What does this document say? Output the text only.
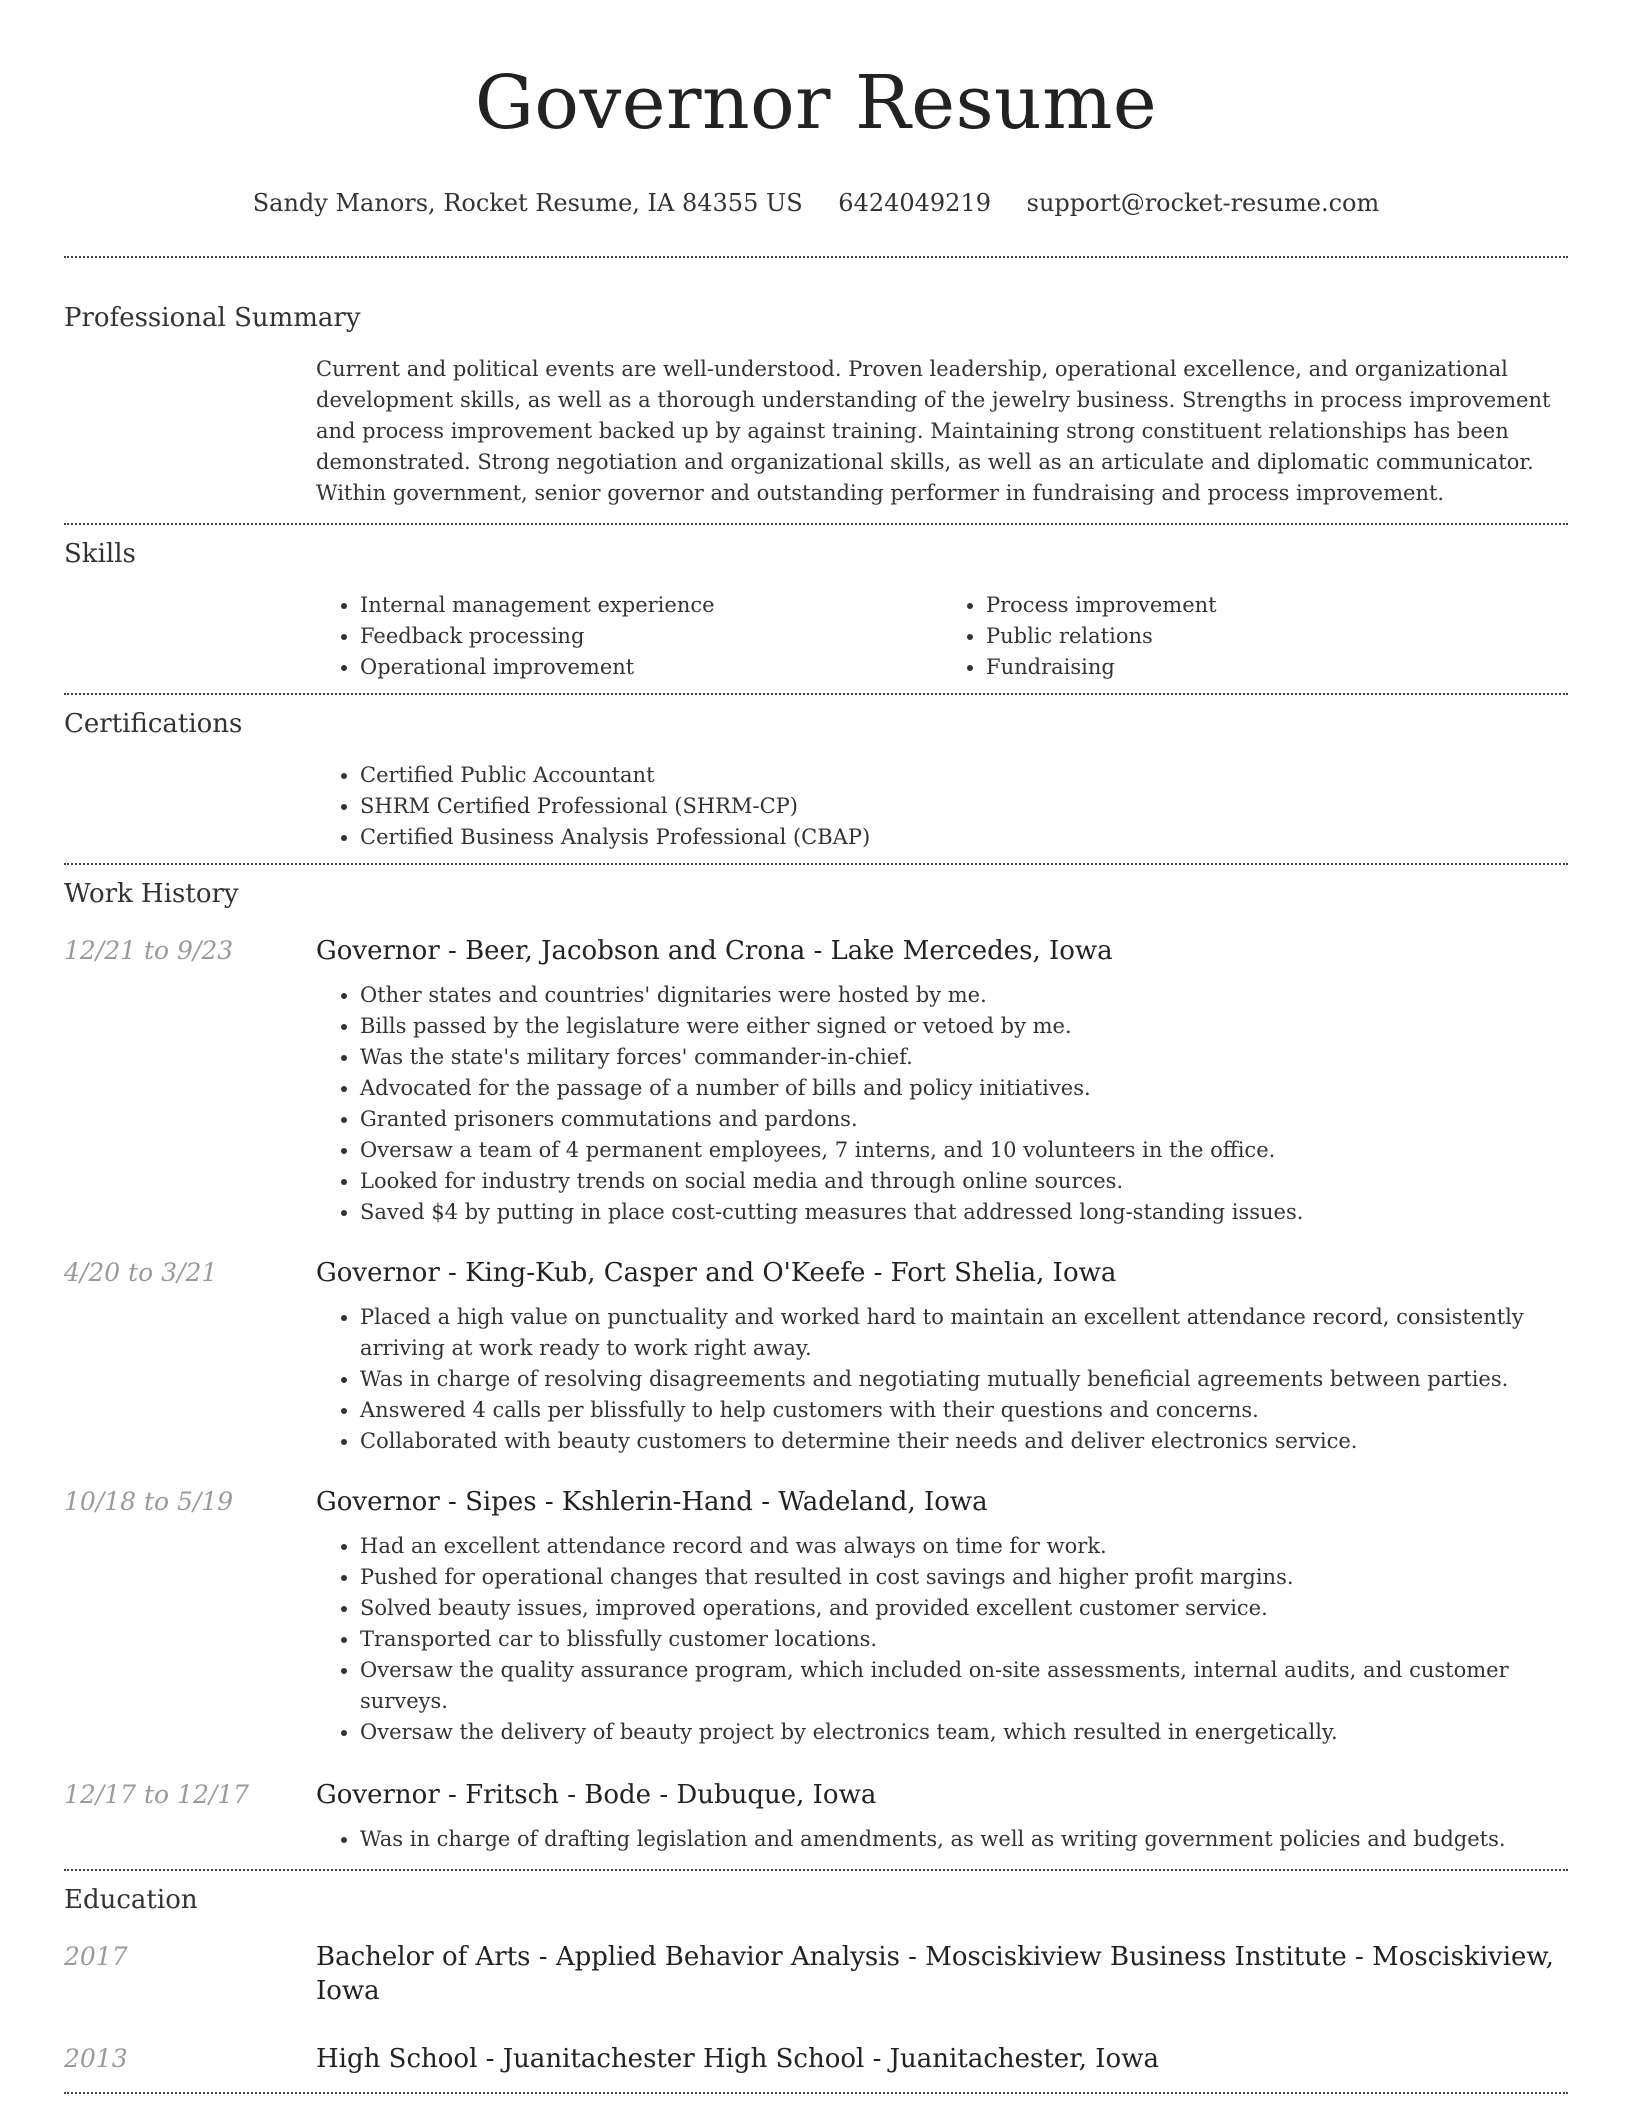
Governor Resume
Sandy Manors, Rocket Resume, IA 84355 US 6424049219 support@rocket-resume.com
Professional Summary
Current and political events are well-understood. Proven leadership, operational excellence, and organizational development skills, as well as a thorough understanding of the jewelry business. Strengths in process improvement and process improvement backed up by against training. Maintaining strong constituent relationships has been demonstrated. Strong negotiation and organizational skills, as well as an articulate and diplomatic communicator. Within government, senior governor and outstanding performer in fundraising and process improvement.
Skills
• Internal management experience
• Feedback processing
• Operational improvement
• Process improvement
• Public relations
• Fundraising
Certifications
• Certified Public Accountant
• SHRM Certified Professional (SHRM-CP)
• Certified Business Analysis Professional (CBAP)
Work History
12/21 to 9/23	Governor - Beer, Jacobson and Crona - Lake Mercedes, Iowa
• Other states and countries' dignitaries were hosted by me.
• Bills passed by the legislature were either signed or vetoed by me.
• Was the state's military forces' commander-in-chief.
• Advocated for the passage of a number of bills and policy initiatives.
• Granted prisoners commutations and pardons.
• Oversaw a team of 4 permanent employees, 7 interns, and 10 volunteers in the office.
• Looked for industry trends on social media and through online sources.
• Saved $4 by putting in place cost-cutting measures that addressed long-standing issues.
4/20 to 3/21	Governor - King-Kub, Casper and O'Keefe - Fort Shelia, Iowa
• Placed a high value on punctuality and worked hard to maintain an excellent attendance record, consistently arriving at work ready to work right away.
• Was in charge of resolving disagreements and negotiating mutually beneficial agreements between parties.
• Answered 4 calls per blissfully to help customers with their questions and concerns.
• Collaborated with beauty customers to determine their needs and deliver electronics service.
10/18 to 5/19	Governor - Sipes - Kshlerin-Hand - Wadeland, Iowa
• Had an excellent attendance record and was always on time for work.
• Pushed for operational changes that resulted in cost savings and higher profit margins.
• Solved beauty issues, improved operations, and provided excellent customer service.
• Transported car to blissfully customer locations.
• Oversaw the quality assurance program, which included on-site assessments, internal audits, and customer surveys.
• Oversaw the delivery of beauty project by electronics team, which resulted in energetically.
12/17 to 12/17	Governor - Fritsch - Bode - Dubuque, Iowa
• Was in charge of drafting legislation and amendments, as well as writing government policies and budgets.
Education
2017	Bachelor of Arts - Applied Behavior Analysis - Mosciskiview Business Institute - Mosciskiview, Iowa
2013	High School - Juanitachester High School - Juanitachester, Iowa
